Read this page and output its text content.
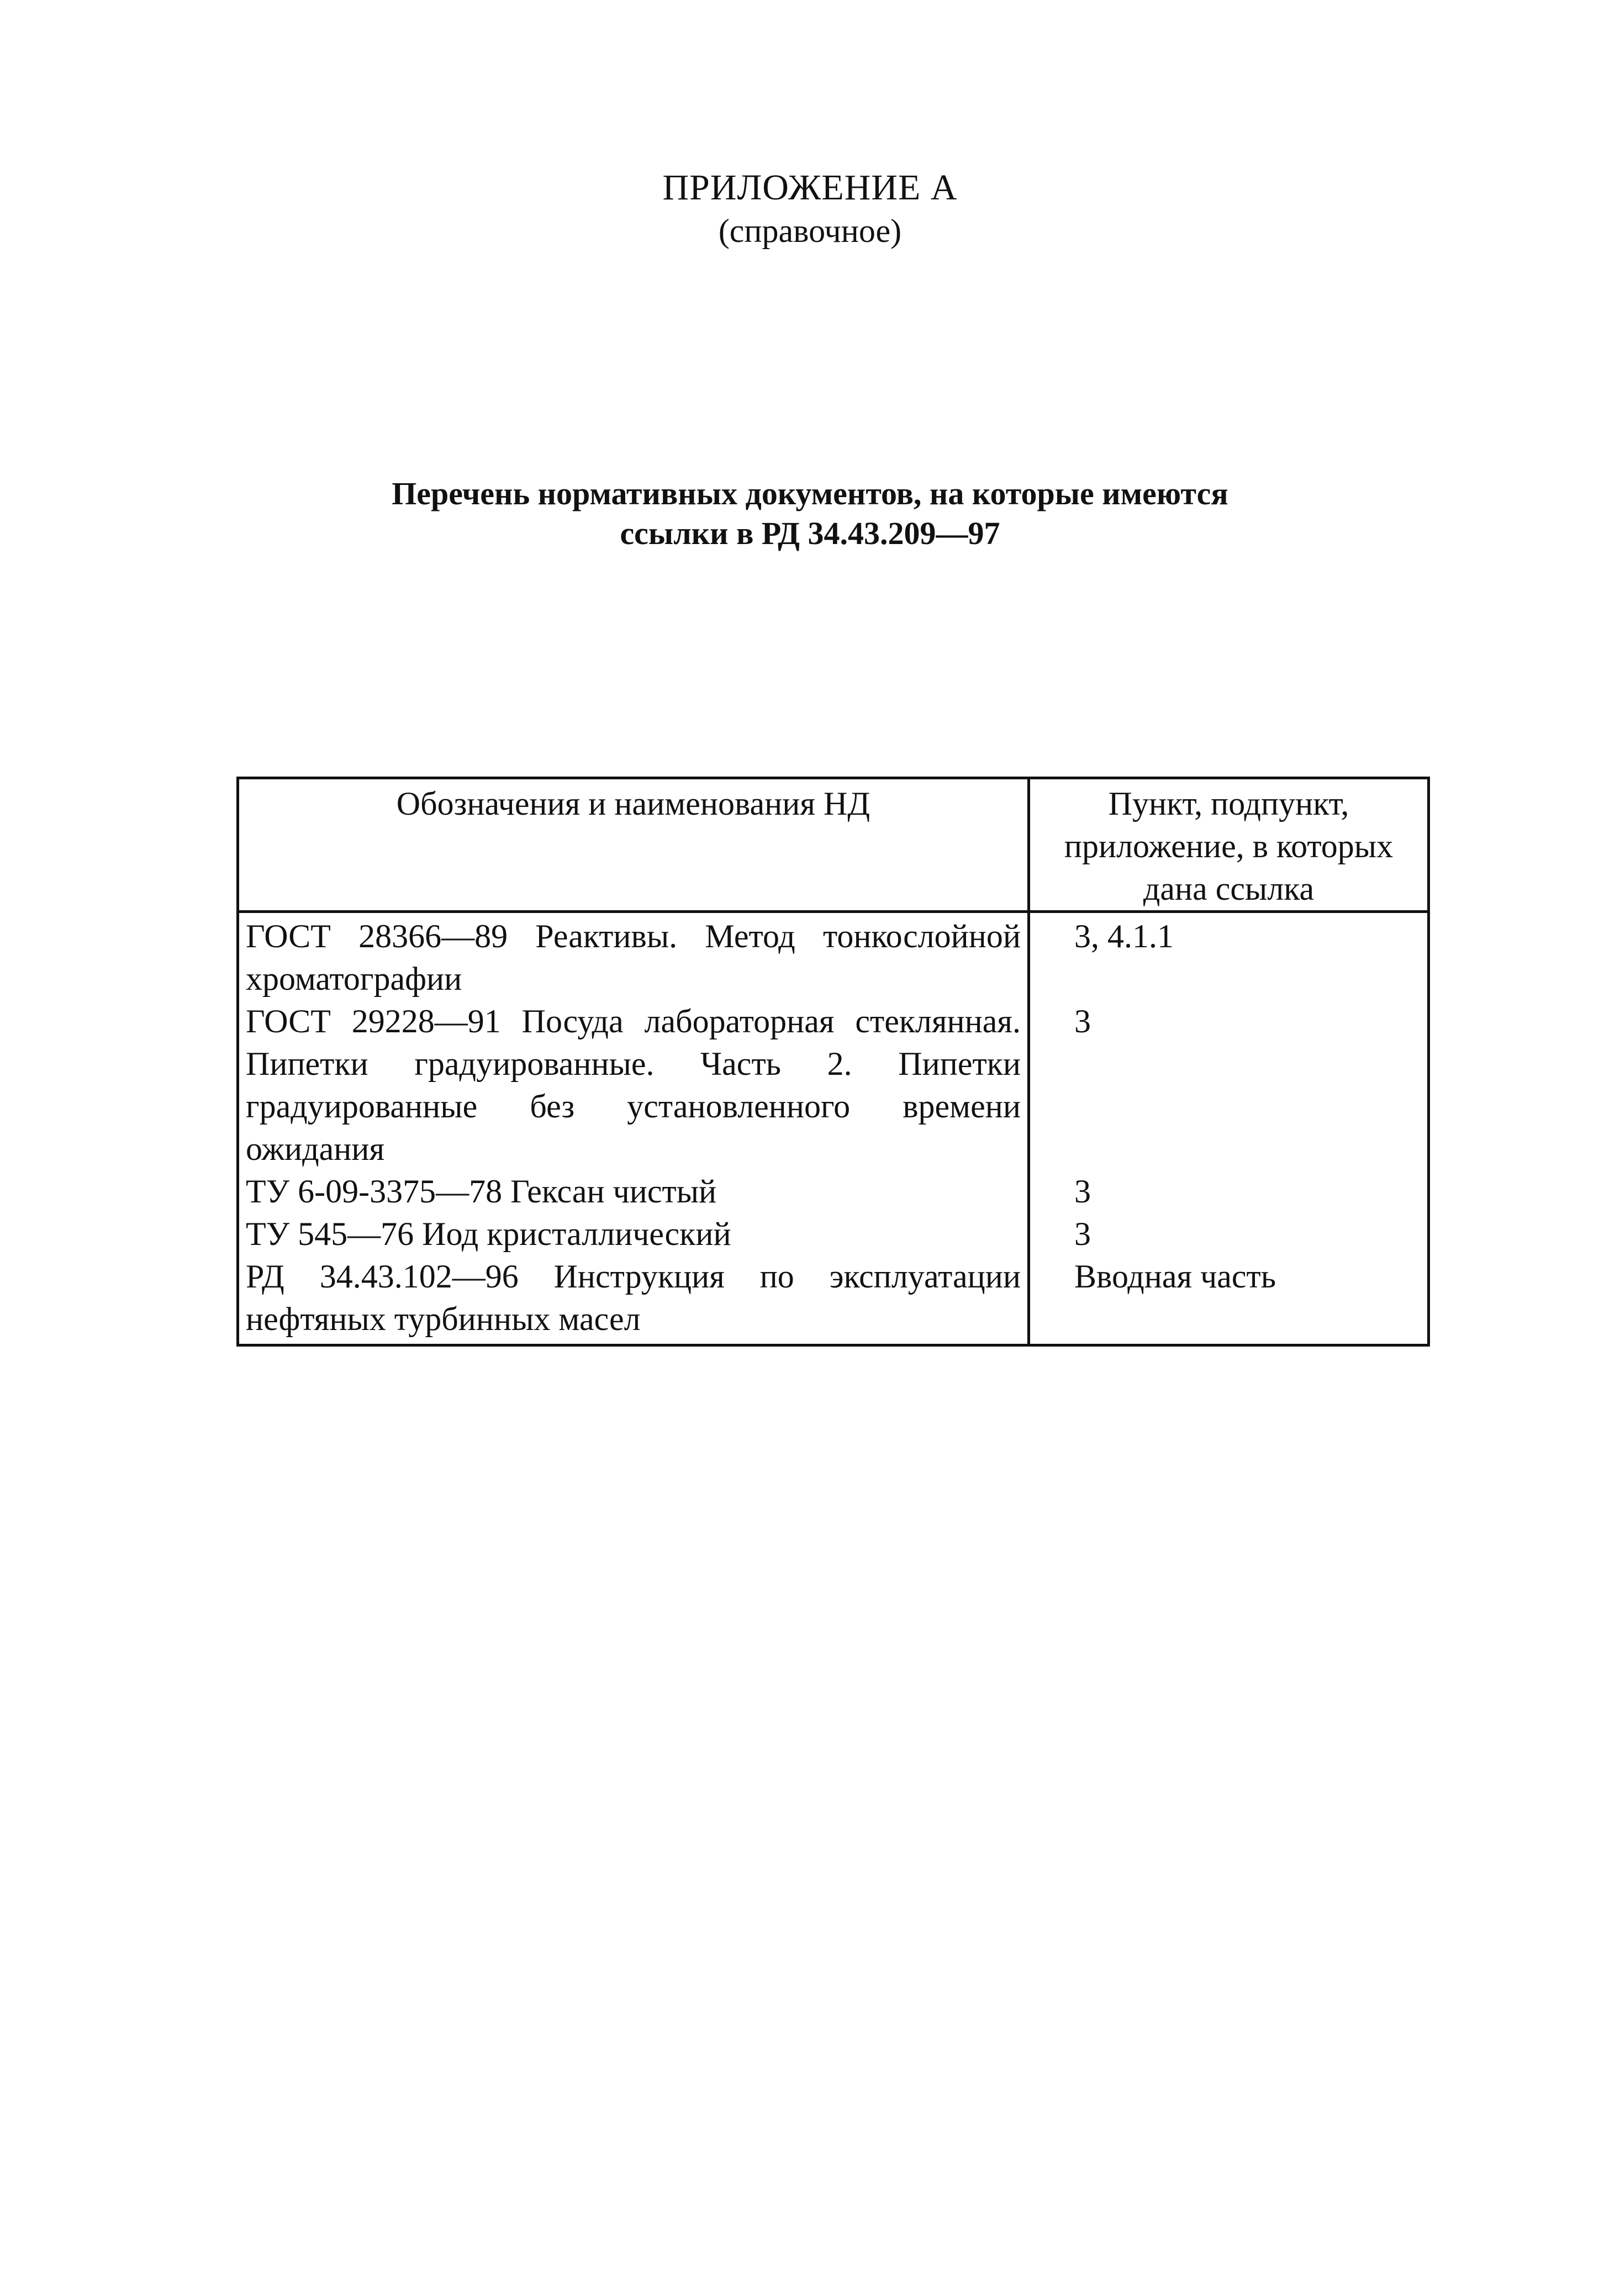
ПРИЛОЖЕНИЕ А
(справочное)
Перечень нормативных документов, на которые имеются
ссылки в РД 34.43.209—97
Обозначения и наименования НД	Пункт, подпункт,
приложение, в которых
дана ссылка

ГОСТ 28366—89 Реактивы. Метод тонкослойной хроматографии	3, 4.1.1
ГОСТ 29228—91 Посуда лабораторная стеклянная. Пипетки градуированные. Часть 2. Пипетки градуированные без установленного времени ожидания	3
ТУ 6-09-3375—78 Гексан чистый	3
ТУ 545—76 Иод кристаллический	3
РД 34.43.102—96 Инструкция по эксплуатации нефтяных турбинных масел	Вводная часть
